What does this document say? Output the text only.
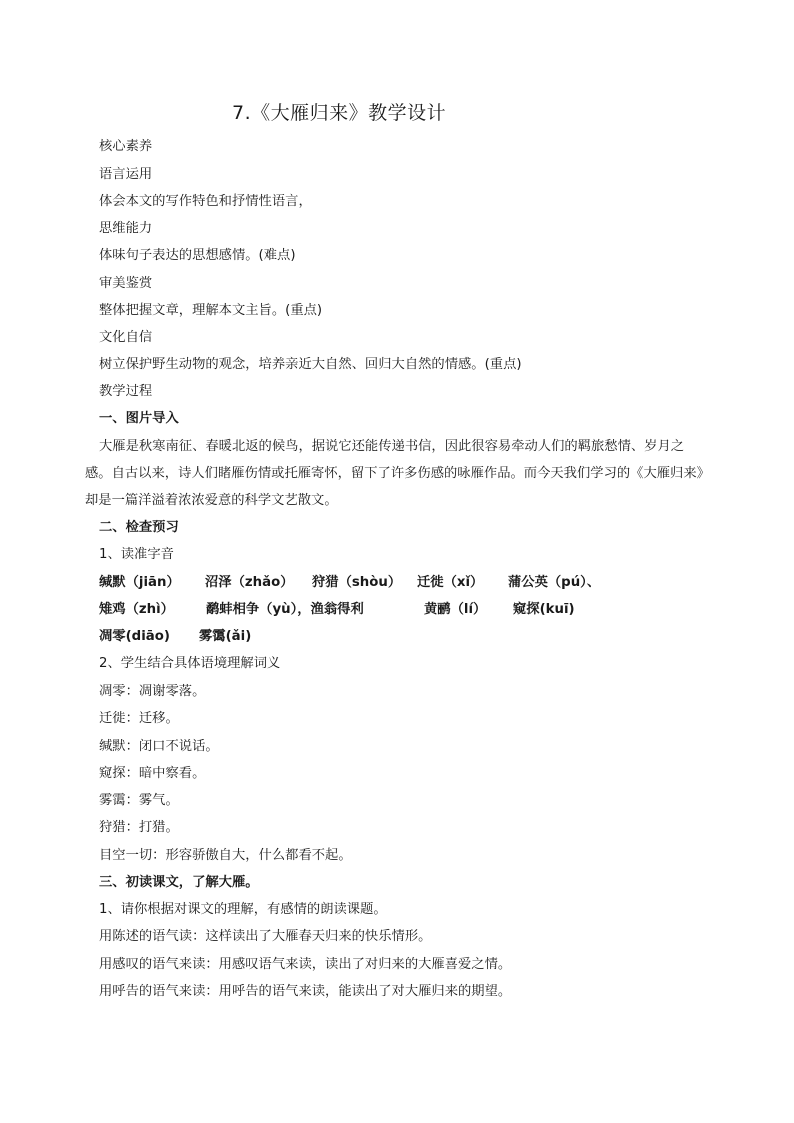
7.《大雁归来》教学设计
核心素养
语言运用
体会本文的写作特色和抒情性语言，
思维能力
体味句子表达的思想感情。(难点)
审美鉴赏
整体把握文章，理解本文主旨。(重点)
文化自信
树立保护野生动物的观念，培养亲近大自然、回归大自然的情感。(重点)
教学过程
一、图片导入
大雁是秋寒南征、春暖北返的候鸟，据说它还能传递书信，因此很容易牵动人们的羁旅愁情、岁月之
感。自古以来，诗人们睹雁伤情或托雁寄怀，留下了许多伤感的咏雁作品。而今天我们学习的《大雁归来》
却是一篇洋溢着浓浓爱意的科学文艺散文。
二、检查预习
1、读准字音
缄默（jiān） 沼泽（zhǎo） 狩猎（shòu） 迁徙（xǐ） 蒲公英（pú）、
雉鸡（zhì） 鹬蚌相争（yù），渔翁得利	黄鹂（lí） 窥探(kuī)
凋零(diāo) 雾霭(ǎi)
2、学生结合具体语境理解词义
凋零：凋谢零落。
迁徙：迁移。
缄默：闭口不说话。
窥探：暗中察看。
雾霭：雾气。
狩猎：打猎。
目空一切：形容骄傲自大，什么都看不起。
三、初读课文，了解大雁。
1、请你根据对课文的理解，有感情的朗读课题。
用陈述的语气读：这样读出了大雁春天归来的快乐情形。
用感叹的语气来读：用感叹语气来读，读出了对归来的大雁喜爱之情。
用呼告的语气来读：用呼告的语气来读，能读出了对大雁归来的期望。
